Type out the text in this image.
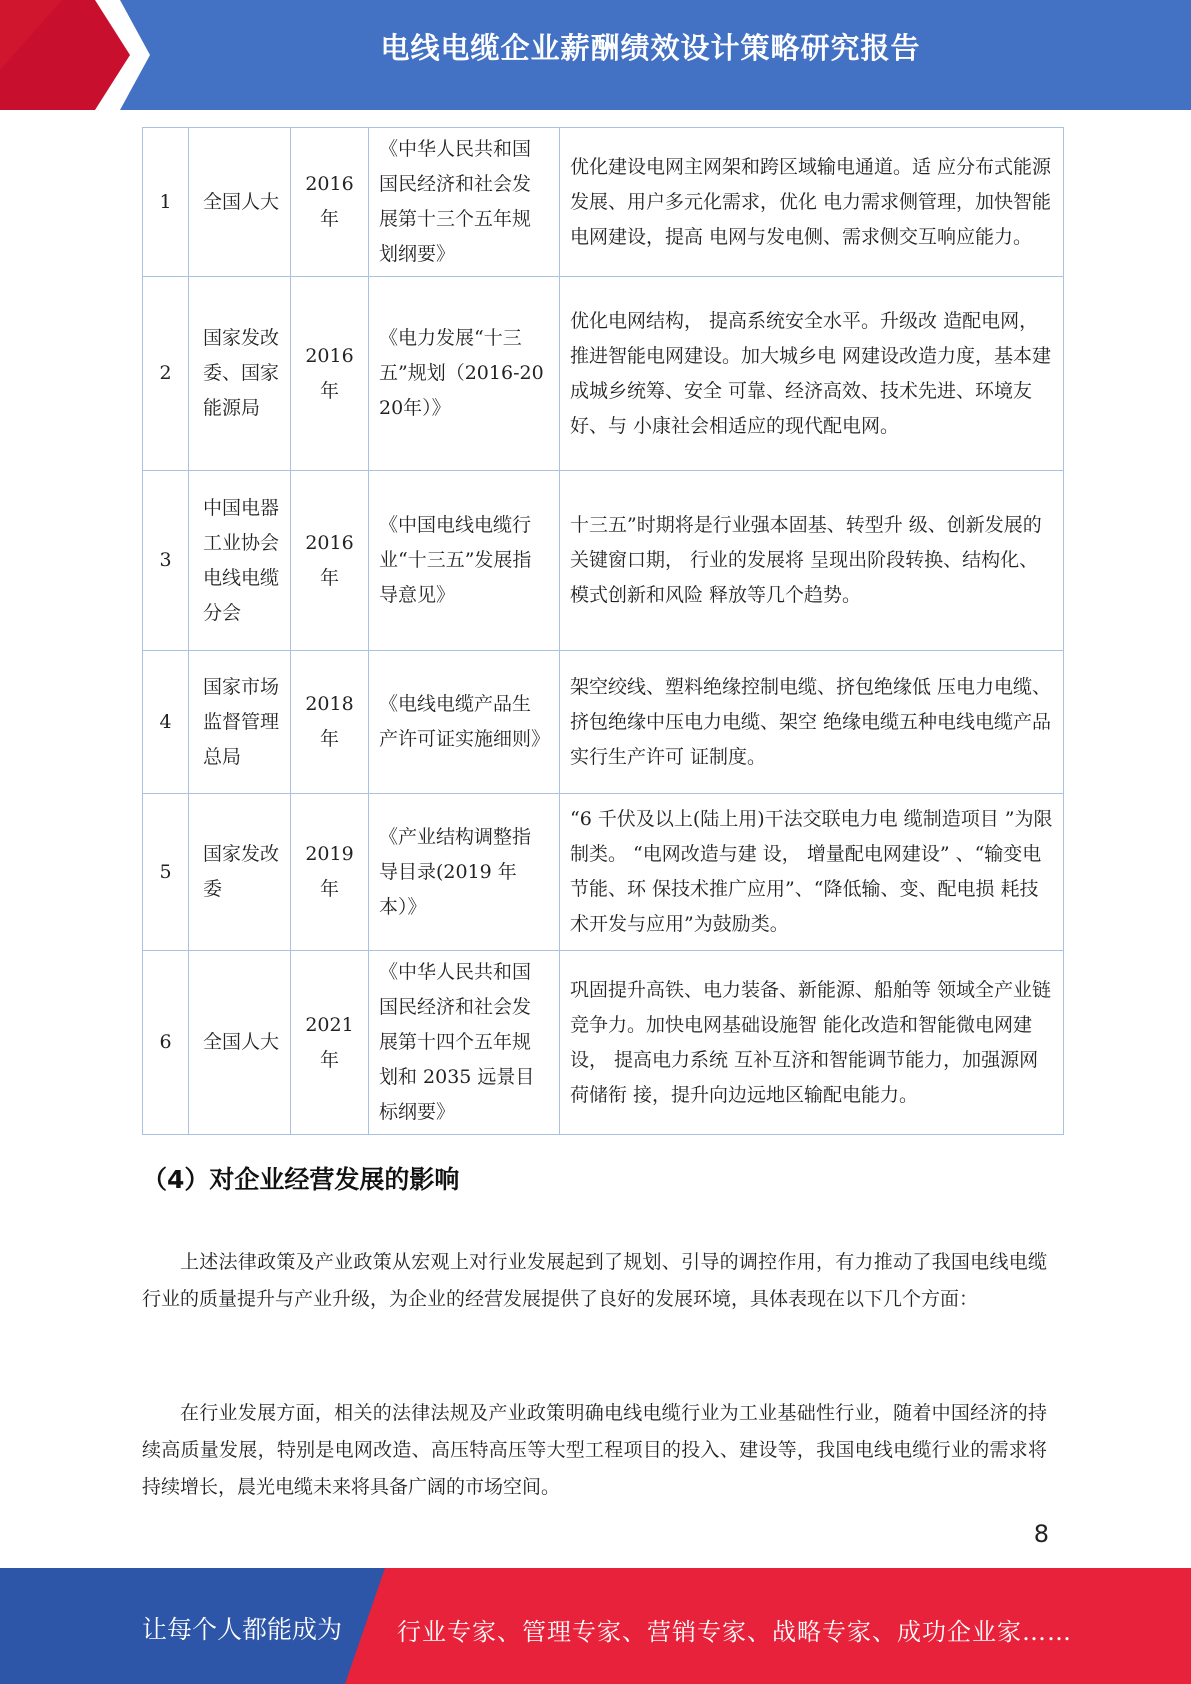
电线电缆企业薪酬绩效设计策略研究报告
1	全国人大	2016年	《中华人民共和国国民经济和社会发展第十三个五年规划纲要》	优化建设电网主网架和跨区域输电通道。适 应分布式能源发展、用户多元化需求，优化 电力需求侧管理，加快智能电网建设，提高 电网与发电侧、需求侧交互响应能力。
2	国家发改委、国家能源局	2016年	《电力发展“十三五”规划（2016-2020年）》	优化电网结构， 提高系统安全水平。升级改 造配电网， 推进智能电网建设。加大城乡电 网建设改造力度，基本建成城乡统筹、安全 可靠、经济高效、技术先进、环境友好、与 小康社会相适应的现代配电网。
3	中国电器工业协会电线电缆分会	2016年	《中国电线电缆行业“十三五”发展指导意见》	十三五”时期将是行业强本固基、转型升 级、创新发展的关键窗口期， 行业的发展将 呈现出阶段转换、结构化、模式创新和风险 释放等几个趋势。
4	国家市场监督管理总局	2018年	《电线电缆产品生产许可证实施细则》	架空绞线、塑料绝缘控制电缆、挤包绝缘低 压电力电缆、挤包绝缘中压电力电缆、架空 绝缘电缆五种电线电缆产品实行生产许可 证制度。
5	国家发改委	2019年	《产业结构调整指导目录(2019 年本）》	“6 千伏及以上(陆上用)干法交联电力电 缆制造项目 ”为限制类。 “电网改造与建 设， 增量配电网建设” 、“输变电节能、环 保技术推广应用”、“降低输、变、配电损 耗技术开发与应用”为鼓励类。
6	全国人大	2021年	《中华人民共和国国民经济和社会发展第十四个五年规划和 2035 远景目标纲要》	巩固提升高铁、电力装备、新能源、船舶等 领域全产业链竞争力。加快电网基础设施智 能化改造和智能微电网建设， 提高电力系统 互补互济和智能调节能力，加强源网荷储衔 接，提升向边远地区输配电能力。
（4）对企业经营发展的影响
上述法律政策及产业政策从宏观上对行业发展起到了规划、引导的调控作用，有力推动了我国电线电缆行业的质量提升与产业升级，为企业的经营发展提供了良好的发展环境，具体表现在以下几个方面：
在行业发展方面，相关的法律法规及产业政策明确电线电缆行业为工业基础性行业，随着中国经济的持续高质量发展，特别是电网改造、高压特高压等大型工程项目的投入、建设等，我国电线电缆行业的需求将持续增长，晨光电缆未来将具备广阔的市场空间。
8
让每个人都能成为 行业专家、管理专家、营销专家、战略专家、成功企业家……
